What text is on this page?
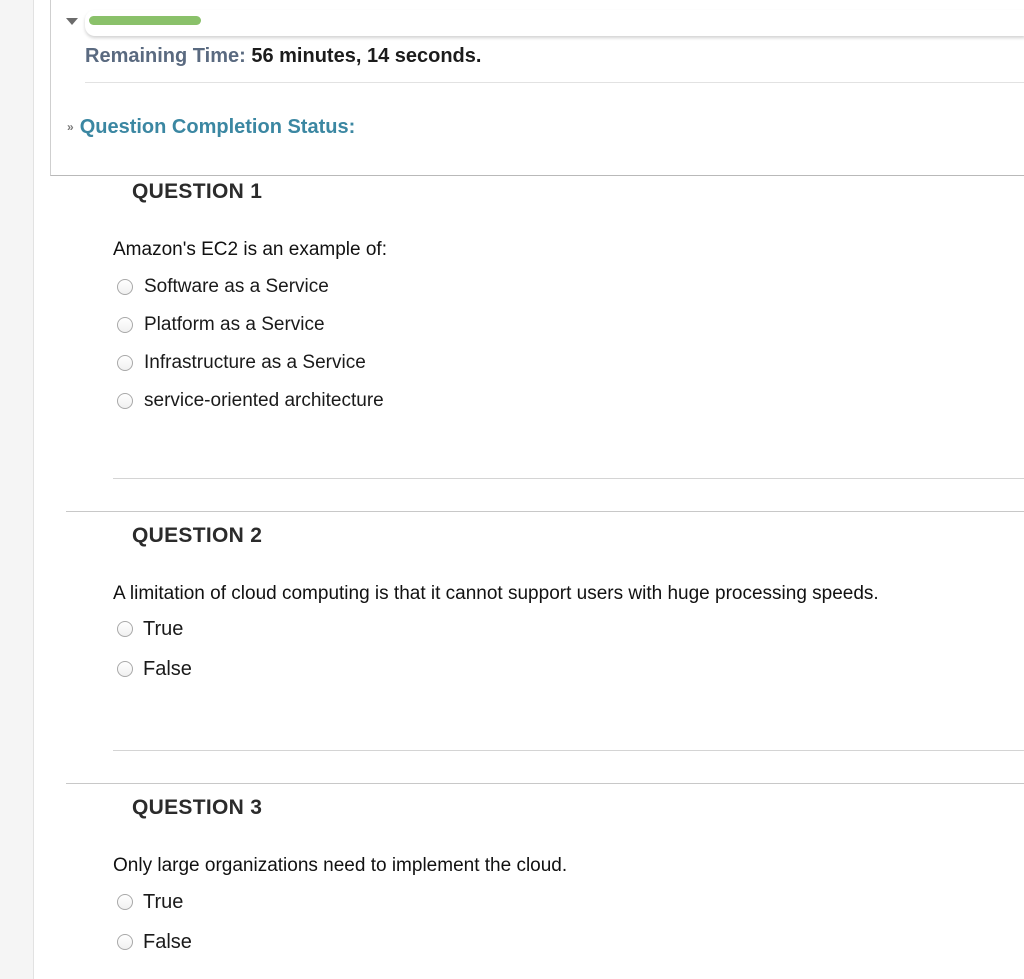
Remaining Time: 56 minutes, 14 seconds.
» Question Completion Status:
QUESTION 1
Amazon's EC2 is an example of:
Software as a Service
Platform as a Service
Infrastructure as a Service
service-oriented architecture
QUESTION 2
A limitation of cloud computing is that it cannot support users with huge processing speeds.
True
False
QUESTION 3
Only large organizations need to implement the cloud.
True
False
